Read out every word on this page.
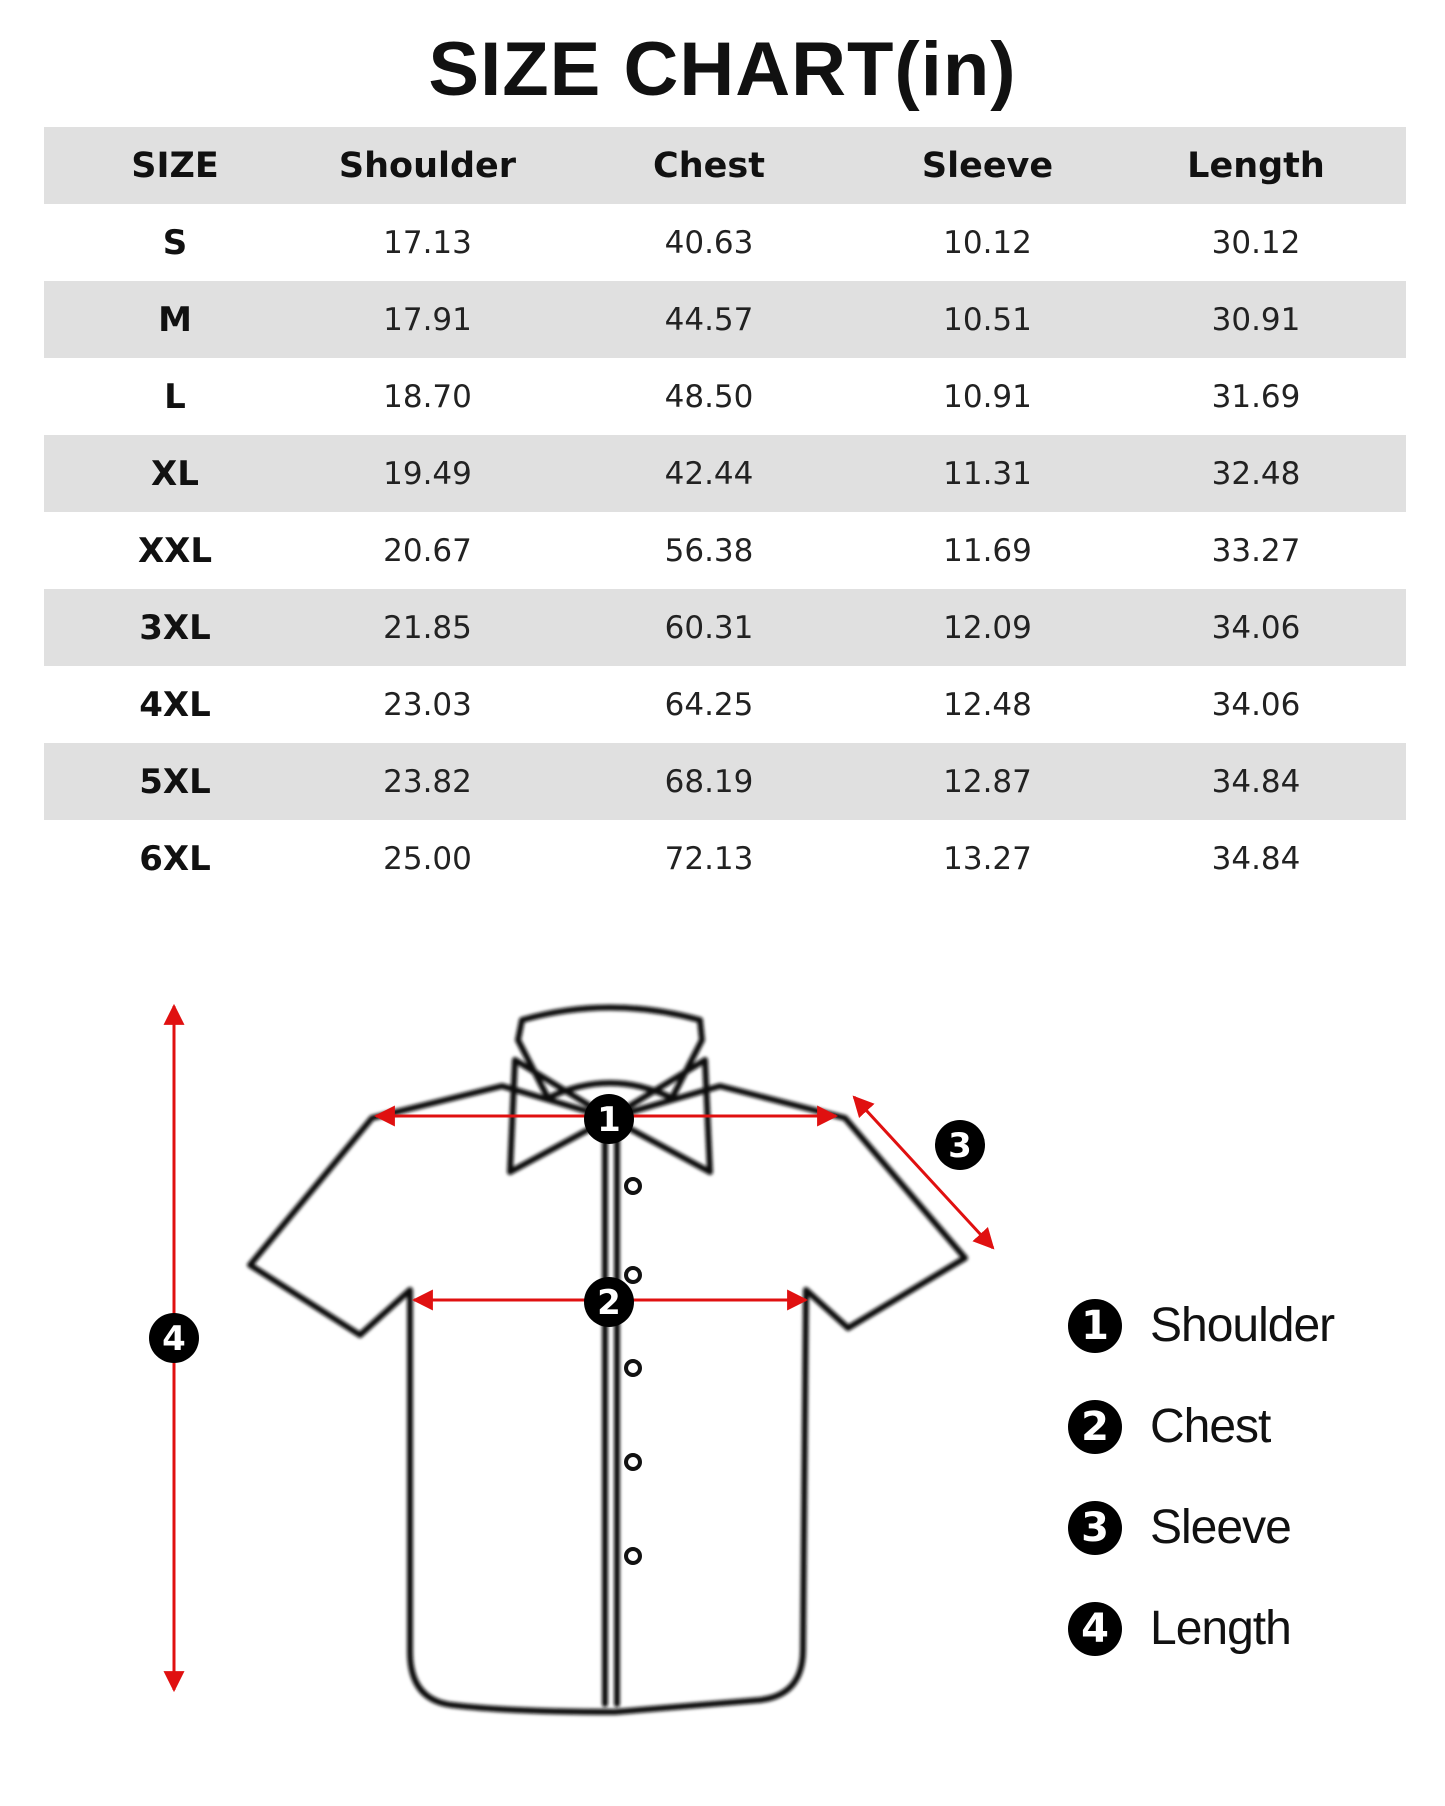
SIZE CHART(in)
SIZE	Shoulder	Chest	Sleeve	Length
S	17.13	40.63	10.12	30.12
M	17.91	44.57	10.51	30.91
L	18.70	48.50	10.91	31.69
XL	19.49	42.44	11.31	32.48
XXL	20.67	56.38	11.69	33.27
3XL	21.85	60.31	12.09	34.06
4XL	23.03	64.25	12.48	34.06
5XL	23.82	68.19	12.87	34.84
6XL	25.00	72.13	13.27	34.84
1
2
3
4	1 Shoulder
2 Chest
3 Sleeve
4 Length
